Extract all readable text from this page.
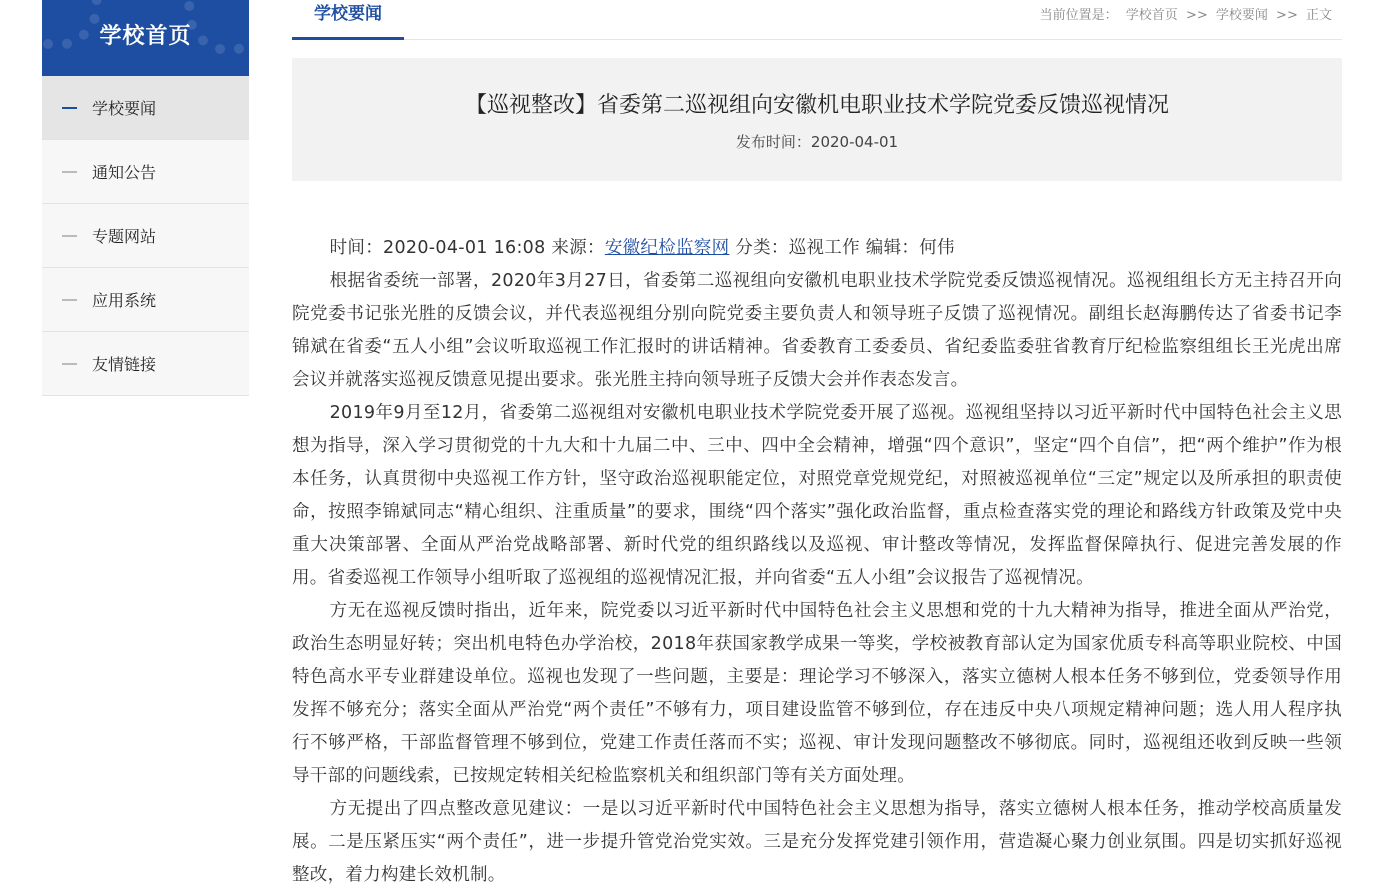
学校首页
学校要闻
通知公告
专题网站
应用系统
友情链接
学校要闻	当前位置是： 学校首页 >> 学校要闻 >> 正文
【巡视整改】省委第二巡视组向安徽机电职业技术学院党委反馈巡视情况
发布时间：2020-04-01
时间：2020-04-01 16:08 来源：安徽纪检监察网 分类：巡视工作 编辑：何伟

根据省委统一部署，2020年3月27日，省委第二巡视组向安徽机电职业技术学院党委反馈巡视情况。巡视组组长方无主持召开向院党委书记张光胜的反馈会议，并代表巡视组分别向院党委主要负责人和领导班子反馈了巡视情况。副组长赵海鹏传达了省委书记李锦斌在省委“五人小组”会议听取巡视工作汇报时的讲话精神。省委教育工委委员、省纪委监委驻省教育厅纪检监察组组长王光虎出席会议并就落实巡视反馈意见提出要求。张光胜主持向领导班子反馈大会并作表态发言。

2019年9月至12月，省委第二巡视组对安徽机电职业技术学院党委开展了巡视。巡视组坚持以习近平新时代中国特色社会主义思想为指导，深入学习贯彻党的十九大和十九届二中、三中、四中全会精神，增强“四个意识”，坚定“四个自信”，把“两个维护”作为根本任务，认真贯彻中央巡视工作方针，坚守政治巡视职能定位，对照党章党规党纪，对照被巡视单位“三定”规定以及所承担的职责使命，按照李锦斌同志“精心组织、注重质量”的要求，围绕“四个落实”强化政治监督，重点检查落实党的理论和路线方针政策及党中央重大决策部署、全面从严治党战略部署、新时代党的组织路线以及巡视、审计整改等情况，发挥监督保障执行、促进完善发展的作用。省委巡视工作领导小组听取了巡视组的巡视情况汇报，并向省委“五人小组”会议报告了巡视情况。

方无在巡视反馈时指出，近年来，院党委以习近平新时代中国特色社会主义思想和党的十九大精神为指导，推进全面从严治党，政治生态明显好转；突出机电特色办学治校，2018年获国家教学成果一等奖，学校被教育部认定为国家优质专科高等职业院校、中国特色高水平专业群建设单位。巡视也发现了一些问题，主要是：理论学习不够深入，落实立德树人根本任务不够到位，党委领导作用发挥不够充分；落实全面从严治党“两个责任”不够有力，项目建设监管不够到位，存在违反中央八项规定精神问题；选人用人程序执行不够严格，干部监督管理不够到位，党建工作责任落而不实；巡视、审计发现问题整改不够彻底。同时，巡视组还收到反映一些领导干部的问题线索，已按规定转相关纪检监察机关和组织部门等有关方面处理。

方无提出了四点整改意见建议：一是以习近平新时代中国特色社会主义思想为指导，落实立德树人根本任务，推动学校高质量发展。二是压紧压实“两个责任”，进一步提升管党治党实效。三是充分发挥党建引领作用，营造凝心聚力创业氛围。四是切实抓好巡视整改，着力构建长效机制。
